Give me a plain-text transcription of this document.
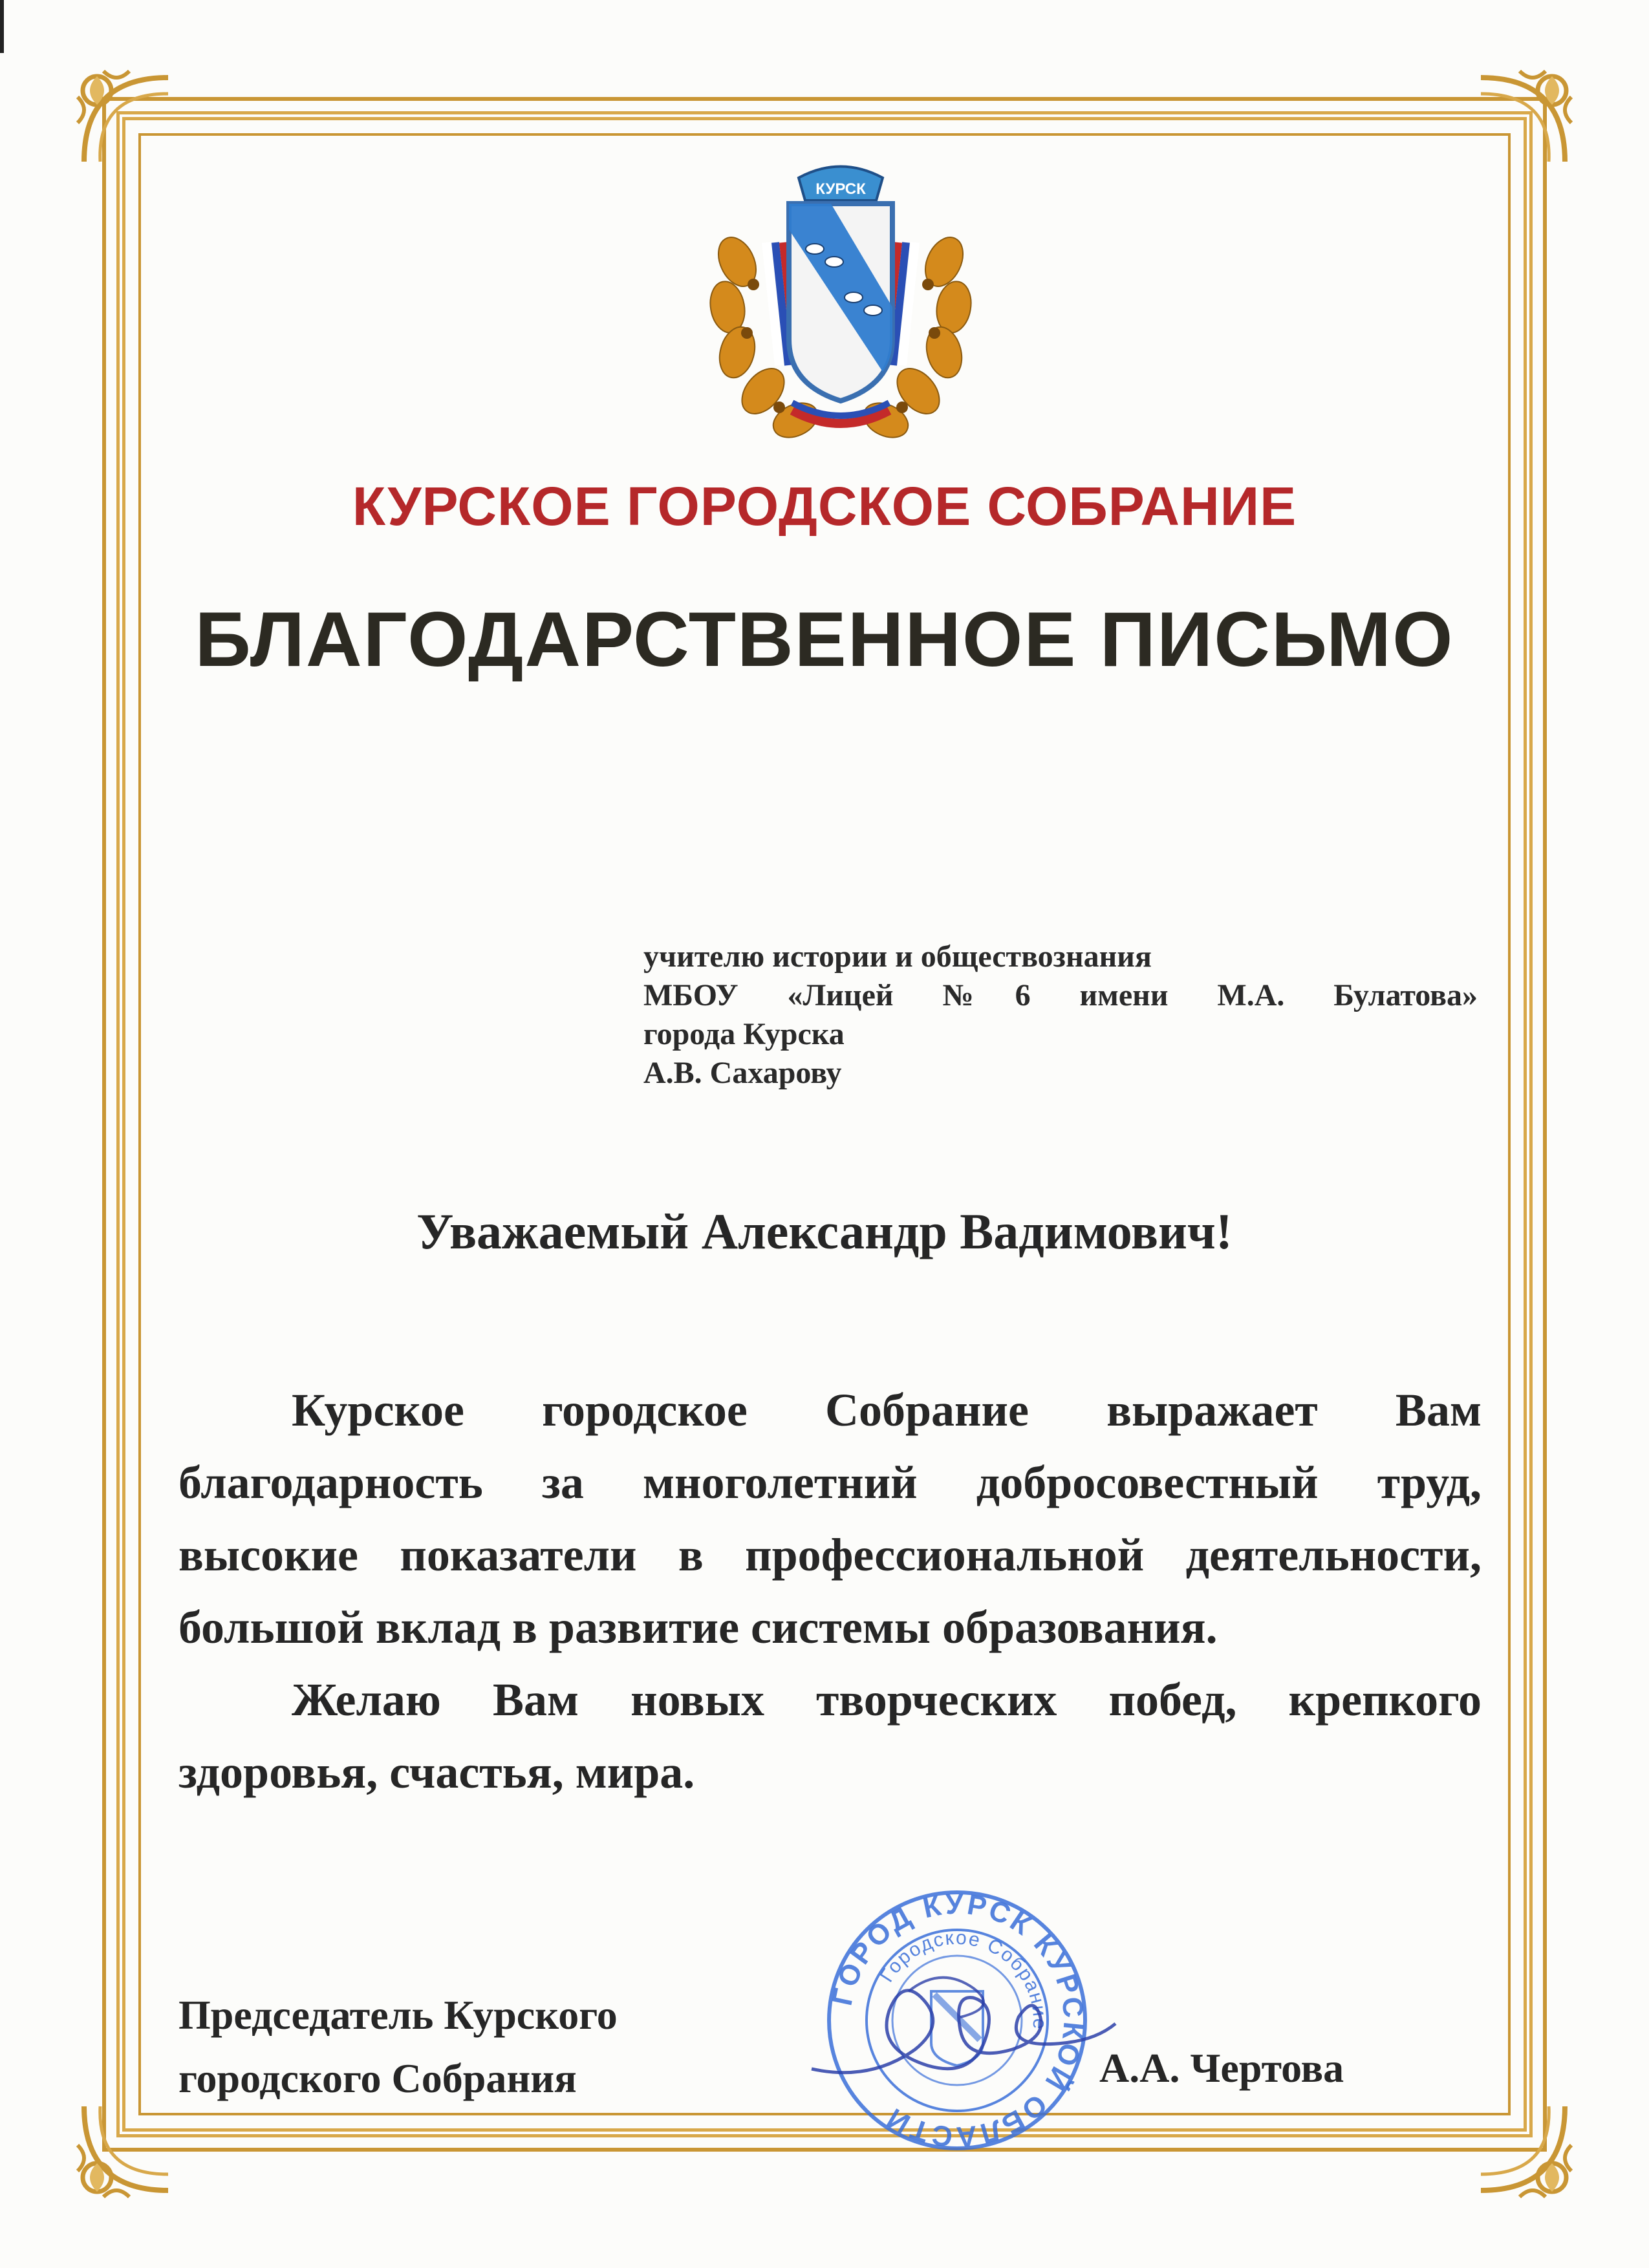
КУРСК
КУРСКОЕ ГОРОДСКОЕ СОБРАНИЕ
БЛАГОДАРСТВЕННОЕ ПИСЬМО
учителю истории и обществознания
МБОУ «Лицей №6 имени М.А. Булатова»
города Курска
А.В. Сахарову
Уважаемый Александр Вадимович!

Курское городское Собрание выражает Вам благодарность за многолетний добросовестный труд, высокие показатели в профессиональной деятельности, большой вклад в развитие системы образования.

Желаю Вам новых творческих побед, крепкого здоровья, счастья, мира.

Председатель Курского
городского Собрания
ГОРОД КУРСК КУРСКОЙ ОБЛАСТИ
Городское Собрание
А.А. Чертова
